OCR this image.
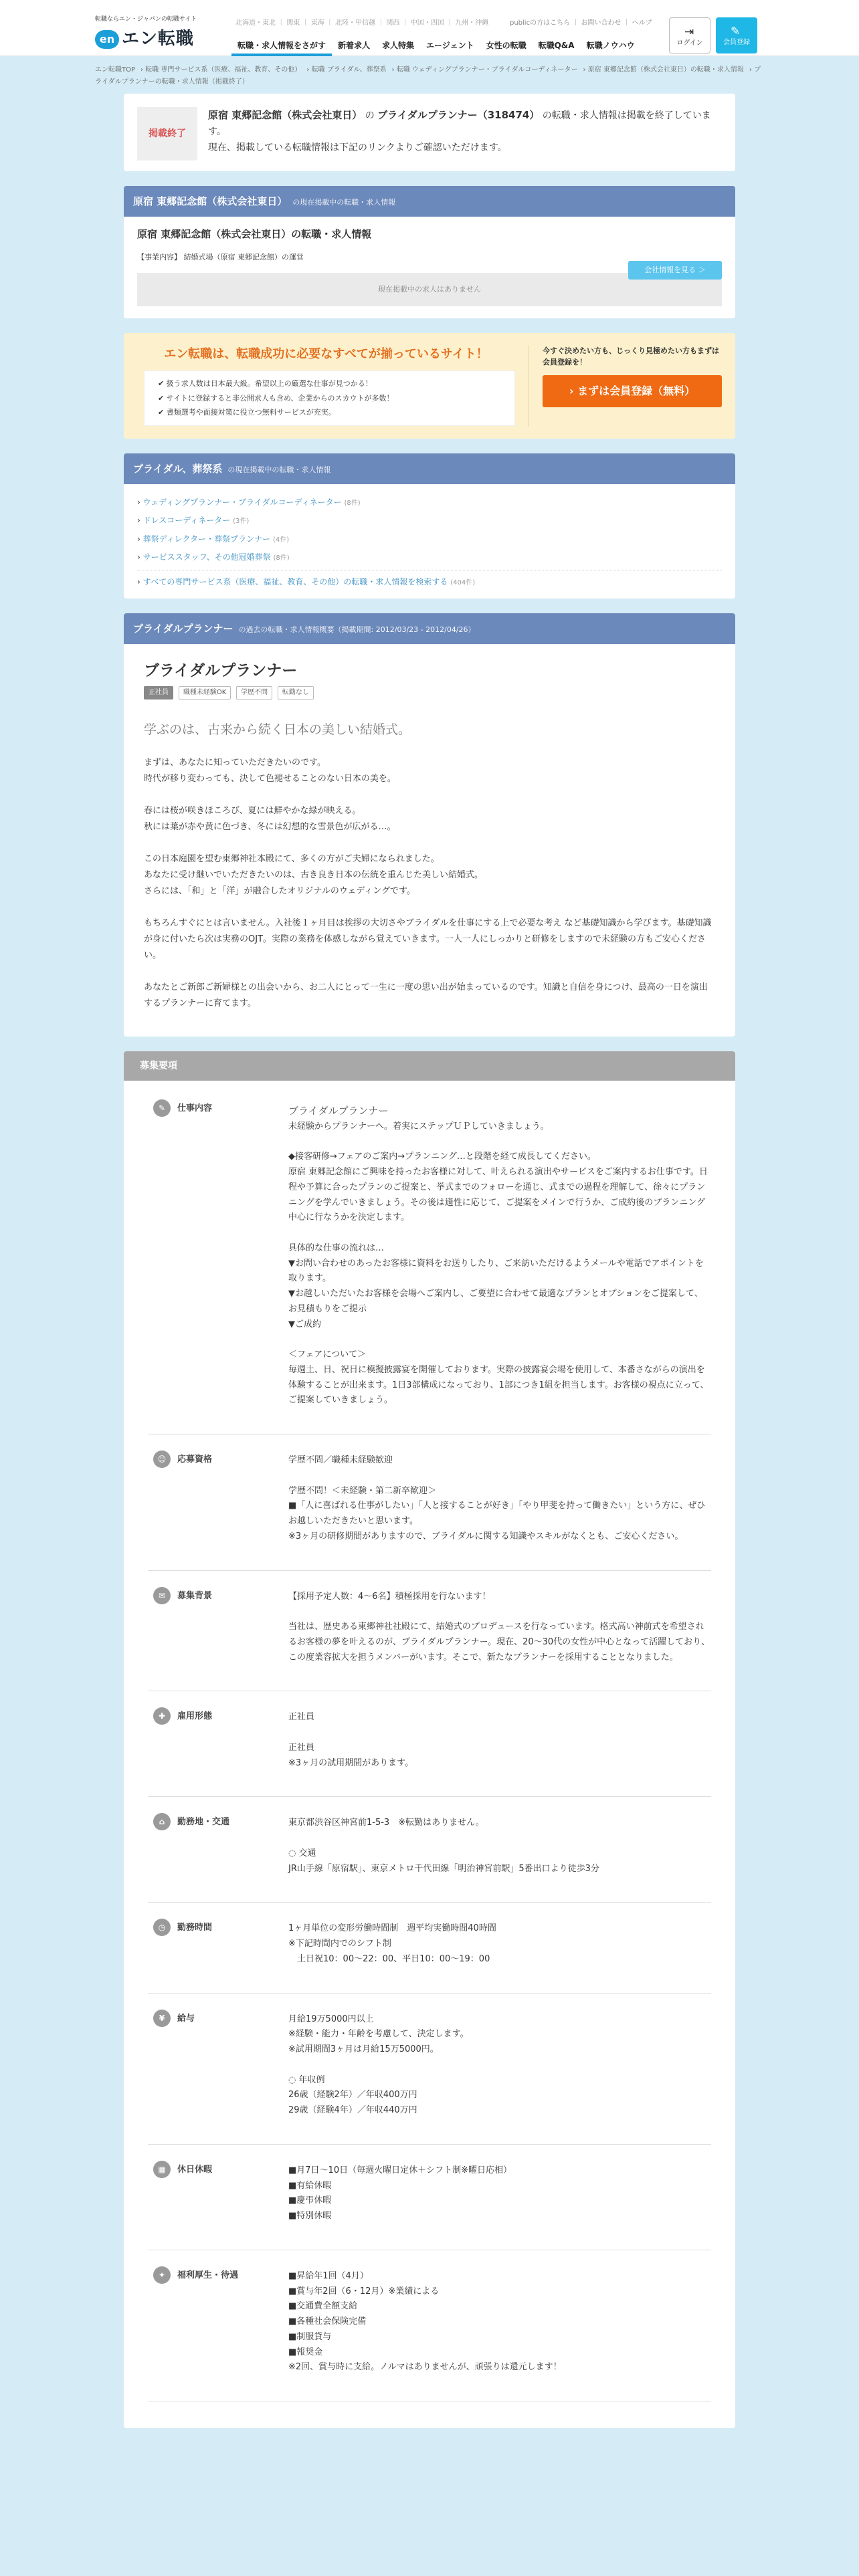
転職ならエン・ジャパンの転職サイト
en エン転職
北海道・東北 ｜ 関東 ｜ 東海 ｜ 北陸・甲信越 ｜ 関西 ｜ 中国・四国 ｜ 九州・沖縄	publicの方はこちら ｜ お問い合わせ ｜ ヘルプ
転職・求人情報をさがす	新着求人	求人特集	エージェント	女性の転職	転職Q&A	転職ノウハウ
⇥
ログイン
✎
会員登録
エン転職TOP › 転職 専門サービス系（医療、福祉、教育、その他） › 転職 ブライダル、葬祭系 › 転職 ウェディングプランナー・ブライダルコーディネーター › 原宿 東郷記念館（株式会社東日）の転職・求人情報 › ブライダルプランナーの転職・求人情報（掲載終了）
掲載終了
原宿 東郷記念館（株式会社東日） の ブライダルプランナー（318474） の転職・求人情報は掲載を終了しています。
現在、掲載している転職情報は下記のリンクよりご確認いただけます。
原宿 東郷記念館（株式会社東日） の現在掲載中の転職・求人情報
原宿 東郷記念館（株式会社東日）の転職・求人情報
【事業内容】 結婚式場（原宿 東郷記念館）の運営
会社情報を見る ＞
現在掲載中の求人はありません
エン転職は、転職成功に必要なすべてが揃っているサイト！
✔ 扱う求人数は日本最大級。希望以上の厳選な仕事が見つかる！
✔ サイトに登録すると非公開求人も含め、企業からのスカウトが多数！
✔ 書類選考や面接対策に役立つ無料サービスが充実。

今すぐ決めたい方も、じっくり見極めたい方もまずは会員登録を！

› まずは会員登録（無料）
ブライダル、葬祭系 の現在掲載中の転職・求人情報
› ウェディングプランナー・ブライダルコーディネーター (8件)
› ドレスコーディネーター (3件)
› 葬祭ディレクター・葬祭プランナー (4件)
› サービススタッフ、その他冠婚葬祭 (8件)
› すべての専門サービス系（医療、福祉、教育、その他）の転職・求人情報を検索する (404件)
ブライダルプランナー の過去の転職・求人情報概要（掲載期間: 2012/03/23 - 2012/04/26）
ブライダルプランナー
正社員 職種未経験OK 学歴不問 転勤なし
学ぶのは、古来から続く日本の美しい結婚式。
まずは、あなたに知っていただきたいのです。
時代が移り変わっても、決して色褪せることのない日本の美を。

春には桜が咲きほころび、夏には鮮やかな緑が映える。
秋には葉が赤や黄に色づき、冬には幻想的な雪景色が広がる…。

この日本庭園を望む東郷神社本殿にて、多くの方がご夫婦になられました。
あなたに受け継いでいただきたいのは、古き良き日本の伝統を重んじた美しい結婚式。
さらには、「和」と「洋」が融合したオリジナルのウェディングです。

もちろんすぐにとは言いません。入社後１ヶ月目は挨拶の大切さやブライダルを仕事にする上で必要な考え など基礎知識から学びます。基礎知識が身に付いたら次は実務のOJT。実際の業務を体感しながら覚えていきます。一人一人にしっかりと研修をしますので未経験の方もご安心ください。

あなたとご新郎ご新婦様との出会いから、お二人にとって一生に一度の思い出が始まっているのです。知識と自信を身につけ、最高の一日を演出するプランナーに育てます。
募集要項
✎	仕事内容	ブライダルプランナー
未経験からプランナーへ。着実にステップＵＰしていきましょう。

◆接客研修→フェアのご案内→プランニング…と段階を経て成長してください。
原宿 東郷記念館にご興味を持ったお客様に対して、叶えられる演出やサービスをご案内するお仕事です。日程や予算に合ったプランのご提案と、挙式までのフォローを通じ、式までの過程を理解して、徐々にプランニングを学んでいきましょう。その後は適性に応じて、ご提案をメインで行うか、ご成約後のプランニング中心に行なうかを決定します。

具体的な仕事の流れは…
▼お問い合わせのあったお客様に資料をお送りしたり、ご来訪いただけるようメールや電話でアポイントを取ります。
▼お越しいただいたお客様を会場へご案内し、ご要望に合わせて最適なプランとオプションをご提案して、お見積もりをご提示
▼ご成約

＜フェアについて＞
毎週土、日、祝日に模擬披露宴を開催しております。実際の披露宴会場を使用して、本番さながらの演出を体験することが出来ます。1日3部構成になっており、1部につき1組を担当します。お客様の視点に立って、ご提案していきましょう。
☺	応募資格	学歴不問／職種未経験歓迎

学歴不問！＜未経験・第二新卒歓迎＞
■「人に喜ばれる仕事がしたい」「人と接することが好き」「やり甲斐を持って働きたい」という方に、ぜひお越しいただきたいと思います。
※3ヶ月の研修期間がありますので、ブライダルに関する知識やスキルがなくとも、ご安心ください。
✉	募集背景	【採用予定人数：4～6名】積極採用を行ないます！

当社は、歴史ある東郷神社社殿にて、結婚式のプロデュースを行なっています。格式高い神前式を希望されるお客様の夢を叶えるのが、ブライダルプランナー。現在、20～30代の女性が中心となって活躍しており、この度業容拡大を担うメンバーがいます。そこで、新たなプランナーを採用することとなりました。
✚	雇用形態	正社員

正社員
※3ヶ月の試用期間があります。
⌂	勤務地・交通	東京都渋谷区神宮前1-5-3　※転勤はありません。

◌ 交通
JR山手線「原宿駅」、東京メトロ千代田線「明治神宮前駅」5番出口より徒歩3分
◷	勤務時間	1ヶ月単位の変形労働時間制　週平均実働時間40時間
※下記時間内でのシフト制
　土日祝10：00～22：00、平日10：00～19：00
¥	給与	月給19万5000円以上
※経験・能力・年齢を考慮して、決定します。
※試用期間3ヶ月は月給15万5000円。

◌ 年収例
26歳（経験2年）／年収400万円
29歳（経験4年）／年収440万円
▦	休日休暇	■月7日～10日（毎週火曜日定休＋シフト制※曜日応相）
■有給休暇
■慶弔休暇
■特別休暇
✦	福利厚生・待遇	■昇給年1回（4月）
■賞与年2回（6・12月）※業績による
■交通費全額支給
■各種社会保険完備
■制服貸与
■報奨金
※2回、賞与時に支給。ノルマはありませんが、頑張りは還元します！
